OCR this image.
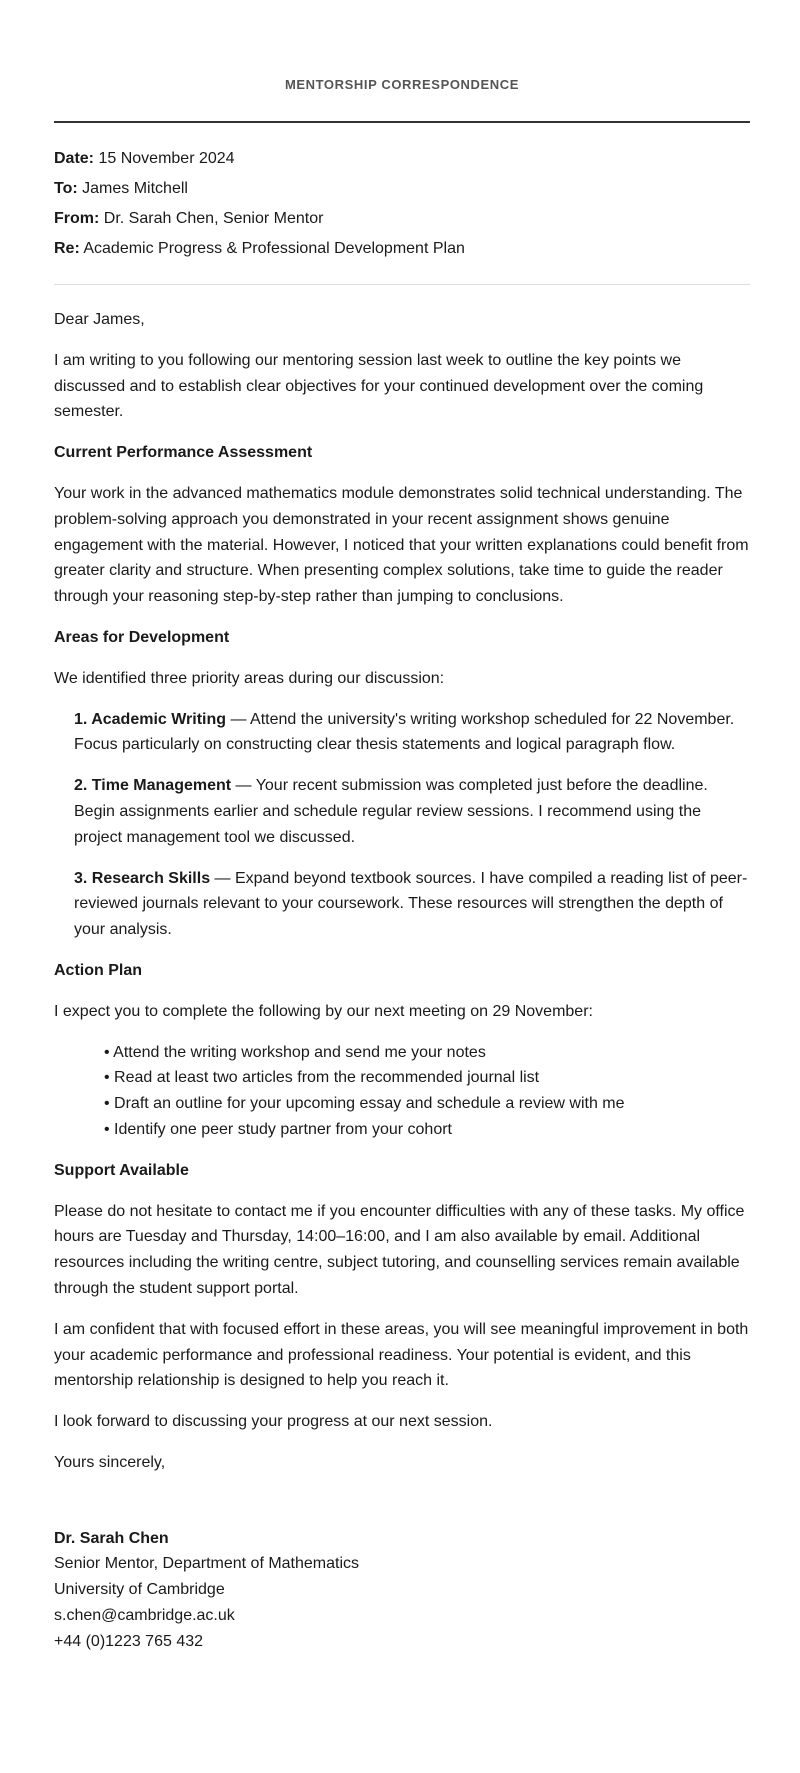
MENTORSHIP CORRESPONDENCE
Date: 15 November 2024
To: James Mitchell
From: Dr. Sarah Chen, Senior Mentor
Re: Academic Progress & Professional Development Plan

Dear James,

I am writing to you following our mentoring session last week to outline the key points we discussed and to establish clear objectives for your continued development over the coming semester.

Current Performance Assessment

Your work in the advanced mathematics module demonstrates solid technical understanding. The problem-solving approach you demonstrated in your recent assignment shows genuine engagement with the material. However, I noticed that your written explanations could benefit from greater clarity and structure. When presenting complex solutions, take time to guide the reader through your reasoning step-by-step rather than jumping to conclusions.

Areas for Development

We identified three priority areas during our discussion:

1. Academic Writing — Attend the university's writing workshop scheduled for 22 November. Focus particularly on constructing clear thesis statements and logical paragraph flow.
2. Time Management — Your recent submission was completed just before the deadline. Begin assignments earlier and schedule regular review sessions. I recommend using the project management tool we discussed.
3. Research Skills — Expand beyond textbook sources. I have compiled a reading list of peer-reviewed journals relevant to your coursework. These resources will strengthen the depth of your analysis.
Action Plan

I expect you to complete the following by our next meeting on 29 November:

• Attend the writing workshop and send me your notes
• Read at least two articles from the recommended journal list
• Draft an outline for your upcoming essay and schedule a review with me
• Identify one peer study partner from your cohort
Support Available

Please do not hesitate to contact me if you encounter difficulties with any of these tasks. My office hours are Tuesday and Thursday, 14:00–16:00, and I am also available by email. Additional resources including the writing centre, subject tutoring, and counselling services remain available through the student support portal.

I am confident that with focused effort in these areas, you will see meaningful improvement in both your academic performance and professional readiness. Your potential is evident, and this mentorship relationship is designed to help you reach it.

I look forward to discussing your progress at our next session.

Yours sincerely,

Dr. Sarah Chen
Senior Mentor, Department of Mathematics
University of Cambridge
s.chen@cambridge.ac.uk
+44 (0)1223 765 432
